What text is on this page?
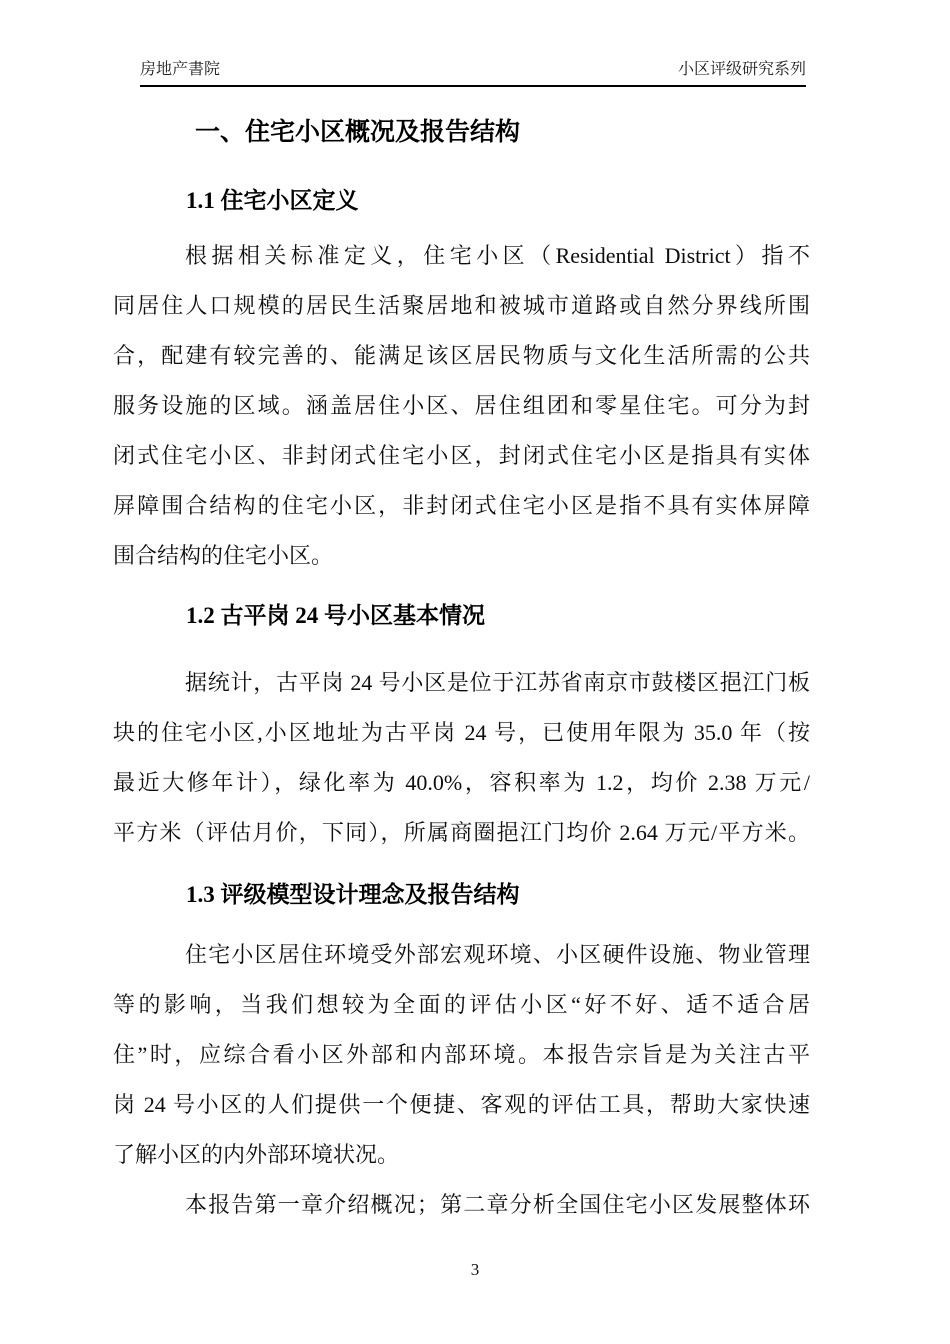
房地产書院	小区评级研究系列
一、住宅小区概况及报告结构
1.1 住宅小区定义
根据相关标准定义，住宅小区（Residential District）指不
同居住人口规模的居民生活聚居地和被城市道路或自然分界线所围
合，配建有较完善的、能满足该区居民物质与文化生活所需的公共
服务设施的区域。涵盖居住小区、居住组团和零星住宅。可分为封
闭式住宅小区、非封闭式住宅小区，封闭式住宅小区是指具有实体
屏障围合结构的住宅小区，非封闭式住宅小区是指不具有实体屏障
围合结构的住宅小区。
1.2 古平岗 24 号小区基本情况
据统计，古平岗 24 号小区是位于江苏省南京市鼓楼区挹江门板
块的住宅小区,小区地址为古平岗 24 号，已使用年限为 35.0 年（按
最近大修年计），绿化率为 40.0%，容积率为 1.2，均价 2.38 万元/
平方米（评估月价，下同），所属商圈挹江门均价 2.64 万元/平方米。
1.3 评级模型设计理念及报告结构
住宅小区居住环境受外部宏观环境、小区硬件设施、物业管理
等的影响，当我们想较为全面的评估小区“好不好、适不适合居
住”时，应综合看小区外部和内部环境。本报告宗旨是为关注古平
岗 24 号小区的人们提供一个便捷、客观的评估工具，帮助大家快速
了解小区的内外部环境状况。
本报告第一章介绍概况；第二章分析全国住宅小区发展整体环
3
